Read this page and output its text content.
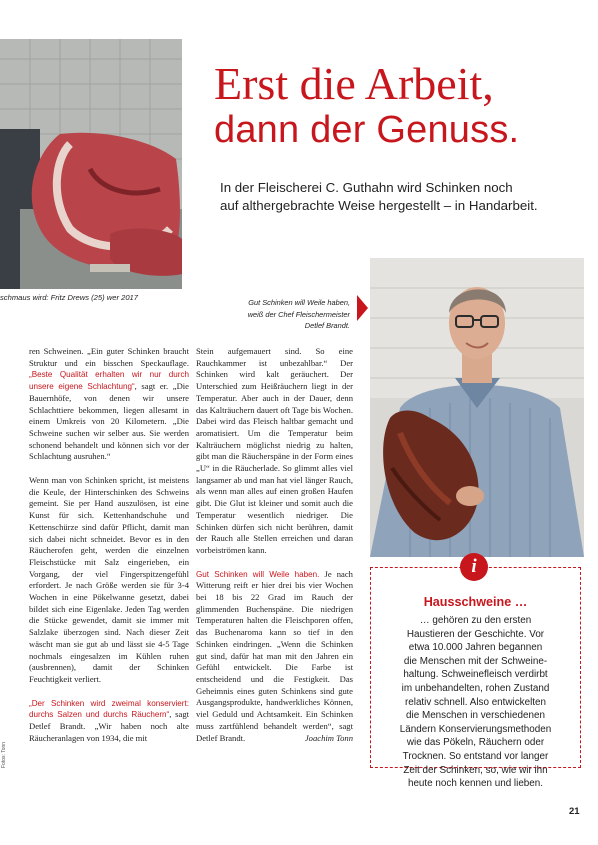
schmaus wird: Fritz Drews (25) wer 2017
Erst die Arbeit,
dann der Genuss.
In der Fleischerei C. Guthahn wird Schinken noch
auf althergebrachte Weise hergestellt – in Handarbeit.
Gut Schinken will Weile haben,
weiß der Chef Fleischermeister
Detlef Brandt.
ren Schweinen. „Ein guter Schinken braucht Struktur und ein bisschen Speckauflage. „Beste Qualität erhalten wir nur durch unsere eigene Schlachtung“, sagt er. „Die Bauernhöfe, von denen wir unsere Schlachttiere bekommen, liegen allesamt in einem Umkreis von 20 Kilometern. „Die Schweine suchen wir selber aus. Sie werden schonend behandelt und können sich vor der Schlachtung ausruhen.“
Wenn man von Schinken spricht, ist meistens die Keule, der Hinterschinken des Schweins gemeint. Sie per Hand auszulösen, ist eine Kunst für sich. Kettenhandschuhe und Kettenschürze sind dafür Pflicht, damit man sich dabei nicht schneidet. Bevor es in den Räucherofen geht, werden die einzelnen Fleischstücke mit Salz eingerieben, ein Vorgang, der viel Fingerspitzengefühl erfordert. Je nach Größe werden sie für 3-4 Wochen in eine Pökelwanne gesetzt, dabei bildet sich eine Eigenlake. Jeden Tag werden die Stücke gewendet, damit sie immer mit Salzlake überzogen sind. Nach dieser Zeit wäscht man sie gut ab und lässt sie 4-5 Tage nochmals eingesalzen im Kühlen ruhen (ausbrennen), damit der Schinken Feuchtigkeit verliert.
„Der Schinken wird zweimal konserviert: durchs Salzen und durchs Räuchern“, sagt Detlef Brandt. „Wir haben noch alte Räucheranlagen von 1934, die mit
Stein aufgemauert sind. So eine Rauchkammer ist unbezahlbar.“ Der Schinken wird kalt geräuchert. Der Unterschied zum Heißräuchern liegt in der Temperatur. Aber auch in der Dauer, denn das Kalträuchern dauert oft Tage bis Wochen. Dabei wird das Fleisch haltbar gemacht und aromatisiert. Um die Temperatur beim Kalträuchern möglichst niedrig zu halten, gibt man die Räucherspäne in der Form eines „U“ in die Räucherlade. So glimmt alles viel langsamer ab und man hat viel länger Rauch, als wenn man alles auf einen großen Haufen gibt. Die Glut ist kleiner und somit auch die Temperatur wesentlich niedriger. Die Schinken dürfen sich nicht berühren, damit der Rauch alle Stellen erreichen und daran vorbeiströmen kann.
Gut Schinken will Weile haben. Je nach Witterung reift er hier drei bis vier Wochen bei 18 bis 22 Grad im Rauch der glimmenden Buchenspäne. Die niedrigen Temperaturen halten die Fleischporen offen, das Buchenaroma kann so tief in den Schinken eindringen. „Wenn die Schinken gut sind, dafür hat man mit den Jahren ein Gefühl entwickelt. Die Farbe ist entscheidend und die Festigkeit. Das Geheimnis eines guten Schinkens sind gute Ausgangsprodukte, handwerkliches Können, viel Geduld und Achtsamkeit. Ein Schinken muss zartfühlend behandelt werden“, sagt Detlef Brandt.	Joachim Tonn
Fotos: Tonn
i
Hausschweine …
… gehören zu den ersten
Haustieren der Geschichte. Vor
etwa 10.000 Jahren begannen
die Menschen mit der Schweine-
haltung. Schweinefleisch verdirbt
im unbehandelten, rohen Zustand
relativ schnell. Also entwickelten
die Menschen in verschiedenen
Ländern Konservierungsmethoden
wie das Pökeln, Räuchern oder
Trocknen. So entstand vor langer
Zeit der Schinken, so, wie wir ihn
heute noch kennen und lieben.
21
